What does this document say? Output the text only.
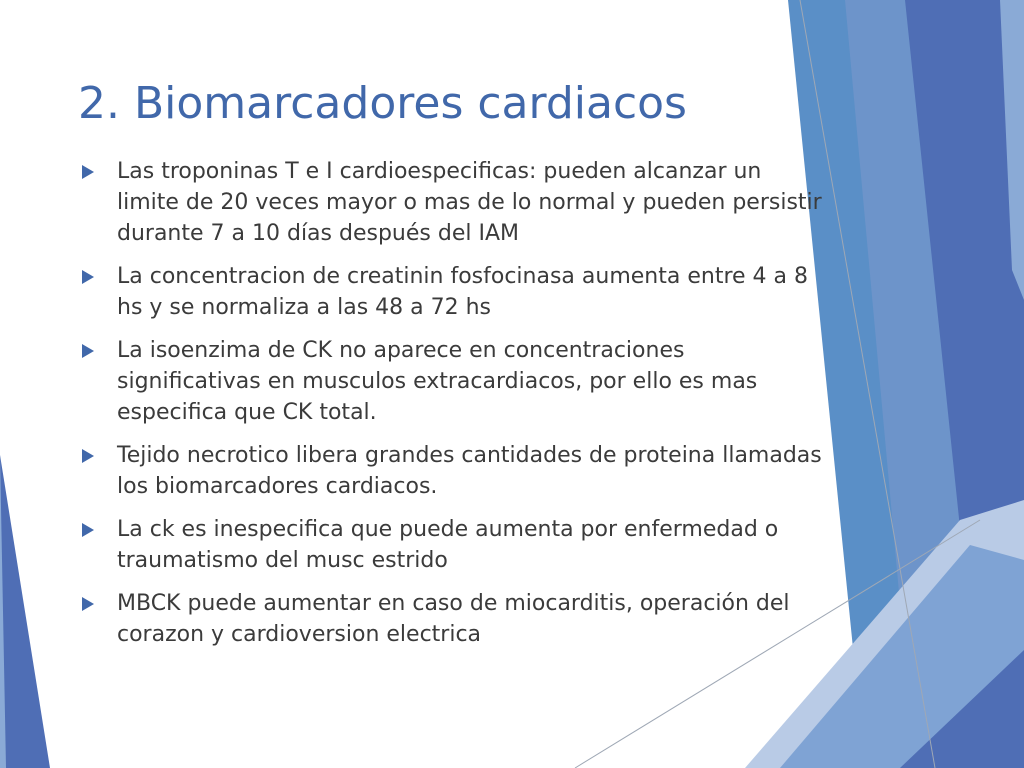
2. Biomarcadores cardiacos
Las troponinas T e I cardioespecificas: pueden alcanzar un limite de 20 veces mayor o mas de lo normal y pueden persistir durante 7 a 10 días después del IAM
La concentracion de creatinin fosfocinasa aumenta entre 4 a 8 hs y se normaliza a las 48 a 72 hs
La isoenzima de CK no aparece en concentraciones significativas en musculos extracardiacos, por ello es mas especifica que CK total.
Tejido necrotico libera grandes cantidades de proteina llamadas los biomarcadores cardiacos.
La ck es inespecifica que puede aumenta por enfermedad o traumatismo del musc estrido
MBCK puede aumentar en caso de miocarditis, operación del corazon y cardioversion electrica
